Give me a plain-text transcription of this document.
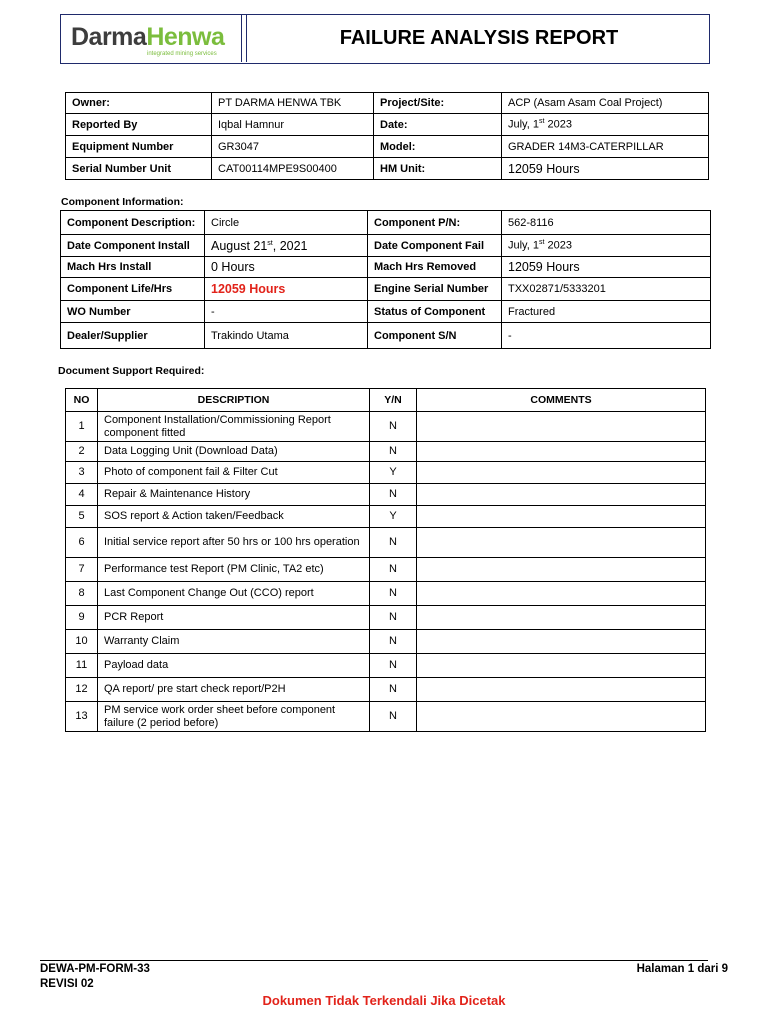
DarmaHenwa
integrated mining services
FAILURE ANALYSIS REPORT
Owner:	PT DARMA HENWA TBK	Project/Site:	ACP (Asam Asam Coal Project)
Reported By	Iqbal Hamnur	Date:	July, 1st 2023
Equipment Number	GR3047	Model:	GRADER 14M3-CATERPILLAR
Serial Number Unit	CAT00114MPE9S00400	HM Unit:	12059 Hours
Component Information:
Component Description:	Circle	Component P/N:	562-8116
Date Component Install	August 21st, 2021	Date Component Fail	July, 1st 2023
Mach Hrs Install	0 Hours	Mach Hrs Removed	12059 Hours
Component Life/Hrs	12059 Hours	Engine Serial Number	TXX02871/5333201
WO Number	-	Status of Component	Fractured
Dealer/Supplier	Trakindo Utama	Component S/N	-
Document Support Required:
NO	DESCRIPTION	Y/N	COMMENTS
1	Component Installation/Commissioning Report component fitted	N	
2	Data Logging Unit (Download Data)	N	
3	Photo of component fail & Filter Cut	Y	
4	Repair & Maintenance History	N	
5	SOS report & Action taken/Feedback	Y	
6	Initial service report after 50 hrs or 100 hrs operation	N	
7	Performance test Report (PM Clinic, TA2 etc)	N	
8	Last Component Change Out (CCO) report	N	
9	PCR Report	N	
10	Warranty Claim	N	
11	Payload data	N	
12	QA report/ pre start check report/P2H	N	
13	PM service work order sheet before component failure (2 period before)	N	
DEWA-PM-FORM-33
REVISI 02
Halaman 1 dari 9
Dokumen Tidak Terkendali Jika Dicetak
